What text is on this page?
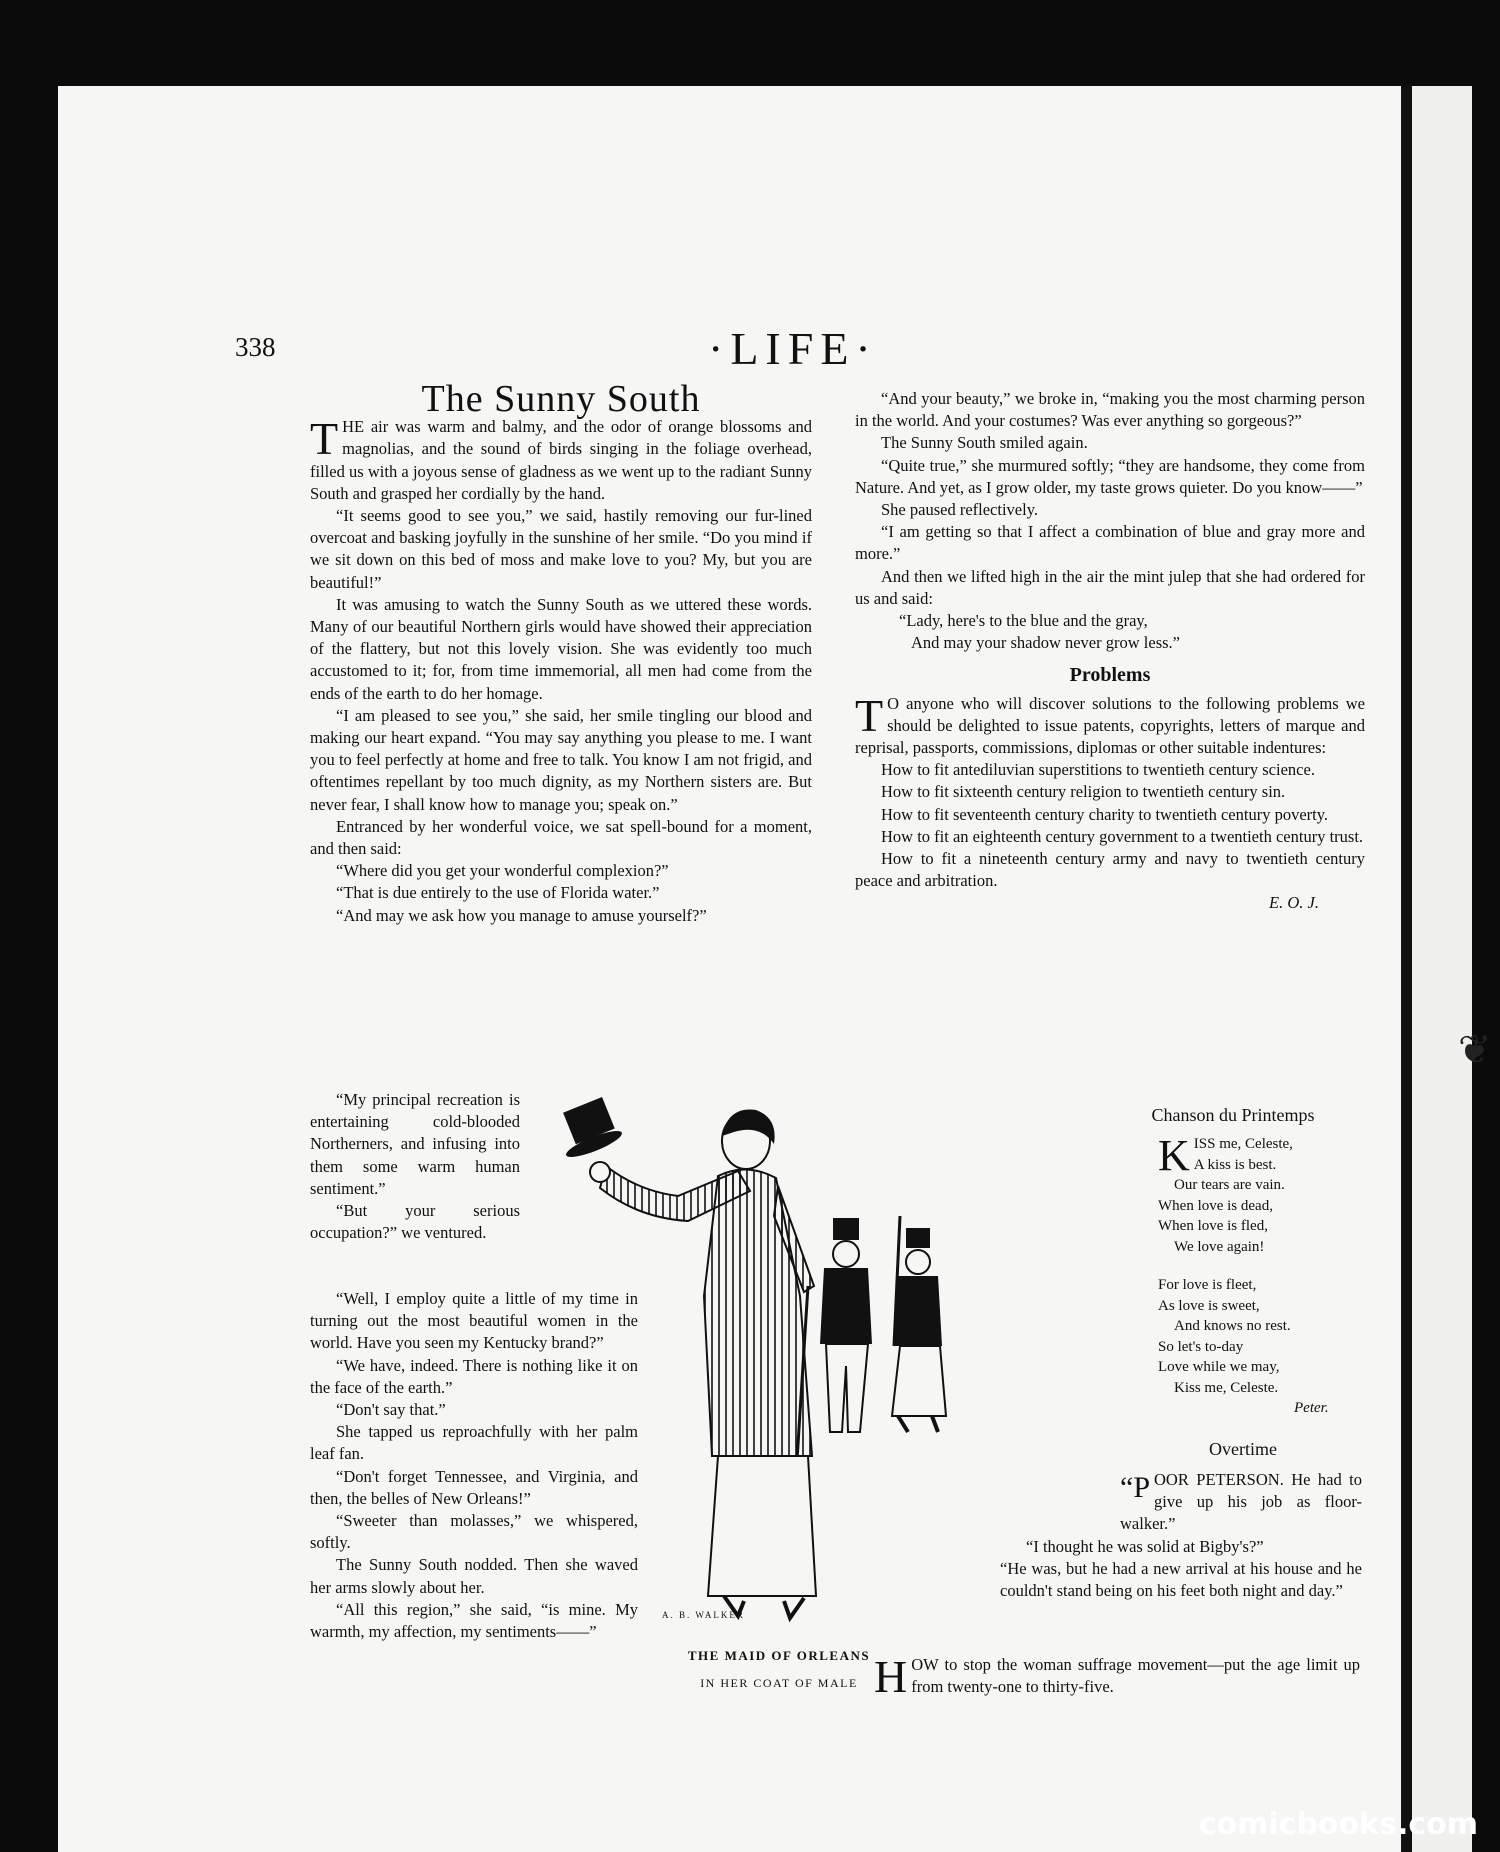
❦
338	·LIFE·
The Sunny South

THE air was warm and balmy, and the odor of orange blossoms and magnolias, and the sound of birds singing in the foliage overhead, filled us with a joyous sense of gladness as we went up to the radiant Sunny South and grasped her cordially by the hand.

“It seems good to see you,” we said, hastily removing our fur-lined overcoat and basking joyfully in the sunshine of her smile. “Do you mind if we sit down on this bed of moss and make love to you? My, but you are beautiful!”

It was amusing to watch the Sunny South as we uttered these words. Many of our beautiful Northern girls would have showed their appreciation of the flattery, but not this lovely vision. She was evidently too much accustomed to it; for, from time immemorial, all men had come from the ends of the earth to do her homage.

“I am pleased to see you,” she said, her smile tingling our blood and making our heart expand. “You may say anything you please to me. I want you to feel perfectly at home and free to talk. You know I am not frigid, and oftentimes repellant by too much dignity, as my Northern sisters are. But never fear, I shall know how to manage you; speak on.”

Entranced by her wonderful voice, we sat spell-bound for a moment, and then said:

“Where did you get your wonderful complexion?”

“That is due entirely to the use of Florida water.”

“And may we ask how you manage to amuse yourself?”

“My principal recreation is entertaining cold-blooded Northerners, and infusing into them some warm human sentiment.”

“But your serious occupation?” we ventured.

“Well, I employ quite a little of my time in turning out the most beautiful women in the world. Have you seen my Kentucky brand?”

“We have, indeed. There is nothing like it on the face of the earth.”

“Don't say that.”

She tapped us reproachfully with her palm leaf fan.

“Don't forget Tennessee, and Virginia, and then, the belles of New Orleans!”

“Sweeter than molasses,” we whispered, softly.

The Sunny South nodded. Then she waved her arms slowly about her.

“All this region,” she said, “is mine. My warmth, my affection, my sentiments——”

“And your beauty,” we broke in, “making you the most charming person in the world. And your costumes? Was ever anything so gorgeous?”

The Sunny South smiled again.

“Quite true,” she murmured softly; “they are handsome, they come from Nature. And yet, as I grow older, my taste grows quieter. Do you know——”

She paused reflectively.

“I am getting so that I affect a combination of blue and gray more and more.”

And then we lifted high in the air the mint julep that she had ordered for us and said:

“Lady, here's to the blue and the gray,
And may your shadow never grow less.”
Problems

T O anyone who will discover solutions to the following problems we should be delighted to issue patents, copyrights, letters of marque and reprisal, passports, commissions, diplomas or other suitable indentures:

How to fit antediluvian superstitions to twentieth century science.

How to fit sixteenth century religion to twentieth century sin.

How to fit seventeenth century charity to twentieth century poverty.

How to fit an eighteenth century government to a twentieth century trust.

How to fit a nineteenth century army and navy to twentieth century peace and arbitration.

E. O. J.
Chanson du Printemps
KISS me, Celeste,
A kiss is best.
Our tears are vain.
When love is dead,
When love is fled,
We love again!
For love is fleet,
As love is sweet,
And knows no rest.
So let's to-day
Love while we may,
Kiss me, Celeste.
Peter.
Overtime

“POOR PETERSON. He had to give up his job as floor-walker.”

“I thought he was solid at Bigby's?”

“He was, but he had a new arrival at his house and he couldn't stand being on his feet both night and day.”

HOW to stop the woman suffrage movement—put the age limit up from twenty-one to thirty-five.

A. B. WALKER
THE MAID OF ORLEANS
IN HER COAT OF MALE
comicbooks.com
